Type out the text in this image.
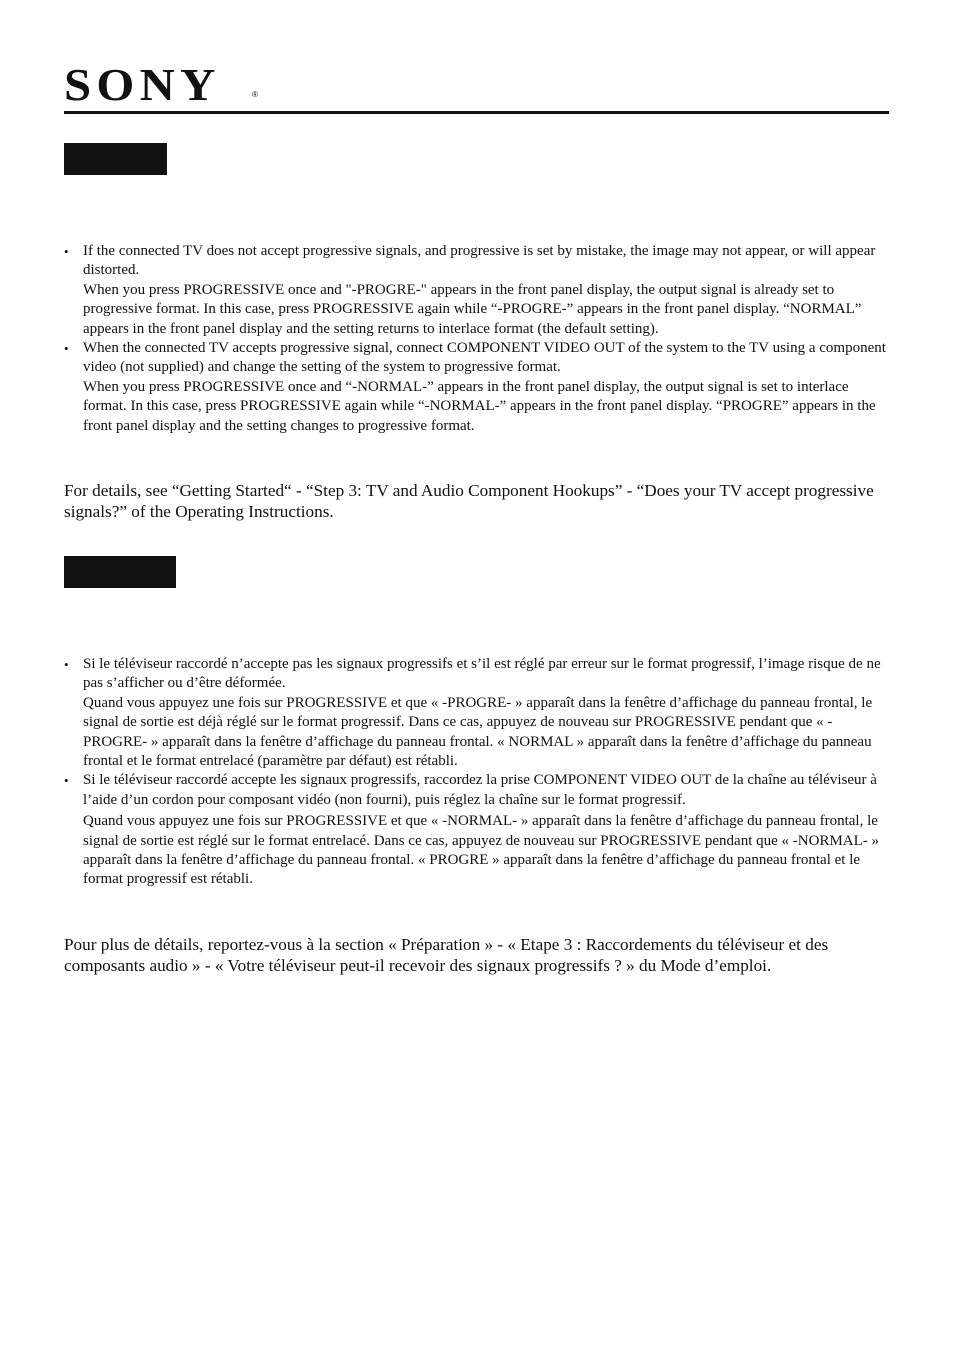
SONY	®

• If the connected TV does not accept progressive signals, and progressive is set by mistake, the image may not appear, or will appear distorted.

When you press PROGRESSIVE once and "-PROGRE-" appears in the front panel display, the output signal is already set to progressive format. In this case, press PROGRESSIVE again while “-PROGRE-” appears in the front panel display. “NORMAL” appears in the front panel display and the setting returns to interlace format (the default setting).

• When the connected TV accepts progressive signal, connect COMPONENT VIDEO OUT of the system to the TV using a component video (not supplied) and change the setting of the system to progressive format.

When you press PROGRESSIVE once and “-NORMAL-” appears in the front panel display, the output signal is set to interlace format. In this case, press PROGRESSIVE again while “-NORMAL-” appears in the front panel display. “PROGRE” appears in the front panel display and the setting changes to progressive format.

For details, see “Getting Started“ - “Step 3: TV and Audio Component Hookups” - “Does your TV accept progressive signals?” of the Operating Instructions.

• Si le téléviseur raccordé n’accepte pas les signaux progressifs et s’il est réglé par erreur sur le format progressif, l’image risque de ne pas s’afficher ou d’être déformée.

Quand vous appuyez une fois sur PROGRESSIVE et que « -PROGRE- » apparaît dans la fenêtre d’affichage du panneau frontal, le signal de sortie est déjà réglé sur le format progressif. Dans ce cas, appuyez de nouveau sur PROGRESSIVE pendant que « -PROGRE- » apparaît dans la fenêtre d’affichage du panneau frontal. « NORMAL » apparaît dans la fenêtre d’affichage du panneau frontal et le format entrelacé (paramètre par défaut) est rétabli.

• Si le téléviseur raccordé accepte les signaux progressifs, raccordez la prise COMPONENT VIDEO OUT de la chaîne au téléviseur à l’aide d’un cordon pour composant vidéo (non fourni), puis réglez la chaîne sur le format progressif.

Quand vous appuyez une fois sur PROGRESSIVE et que « -NORMAL- » apparaît dans la fenêtre d’affichage du panneau frontal, le signal de sortie est réglé sur le format entrelacé. Dans ce cas, appuyez de nouveau sur PROGRESSIVE pendant que « -NORMAL- » apparaît dans la fenêtre d’affichage du panneau frontal. « PROGRE » apparaît dans la fenêtre d’affichage du panneau frontal et le format progressif est rétabli.

Pour plus de détails, reportez-vous à la section « Préparation » - « Etape 3 : Raccordements du téléviseur et des composants audio » - « Votre téléviseur peut-il recevoir des signaux progressifs ? » du Mode d’emploi.
